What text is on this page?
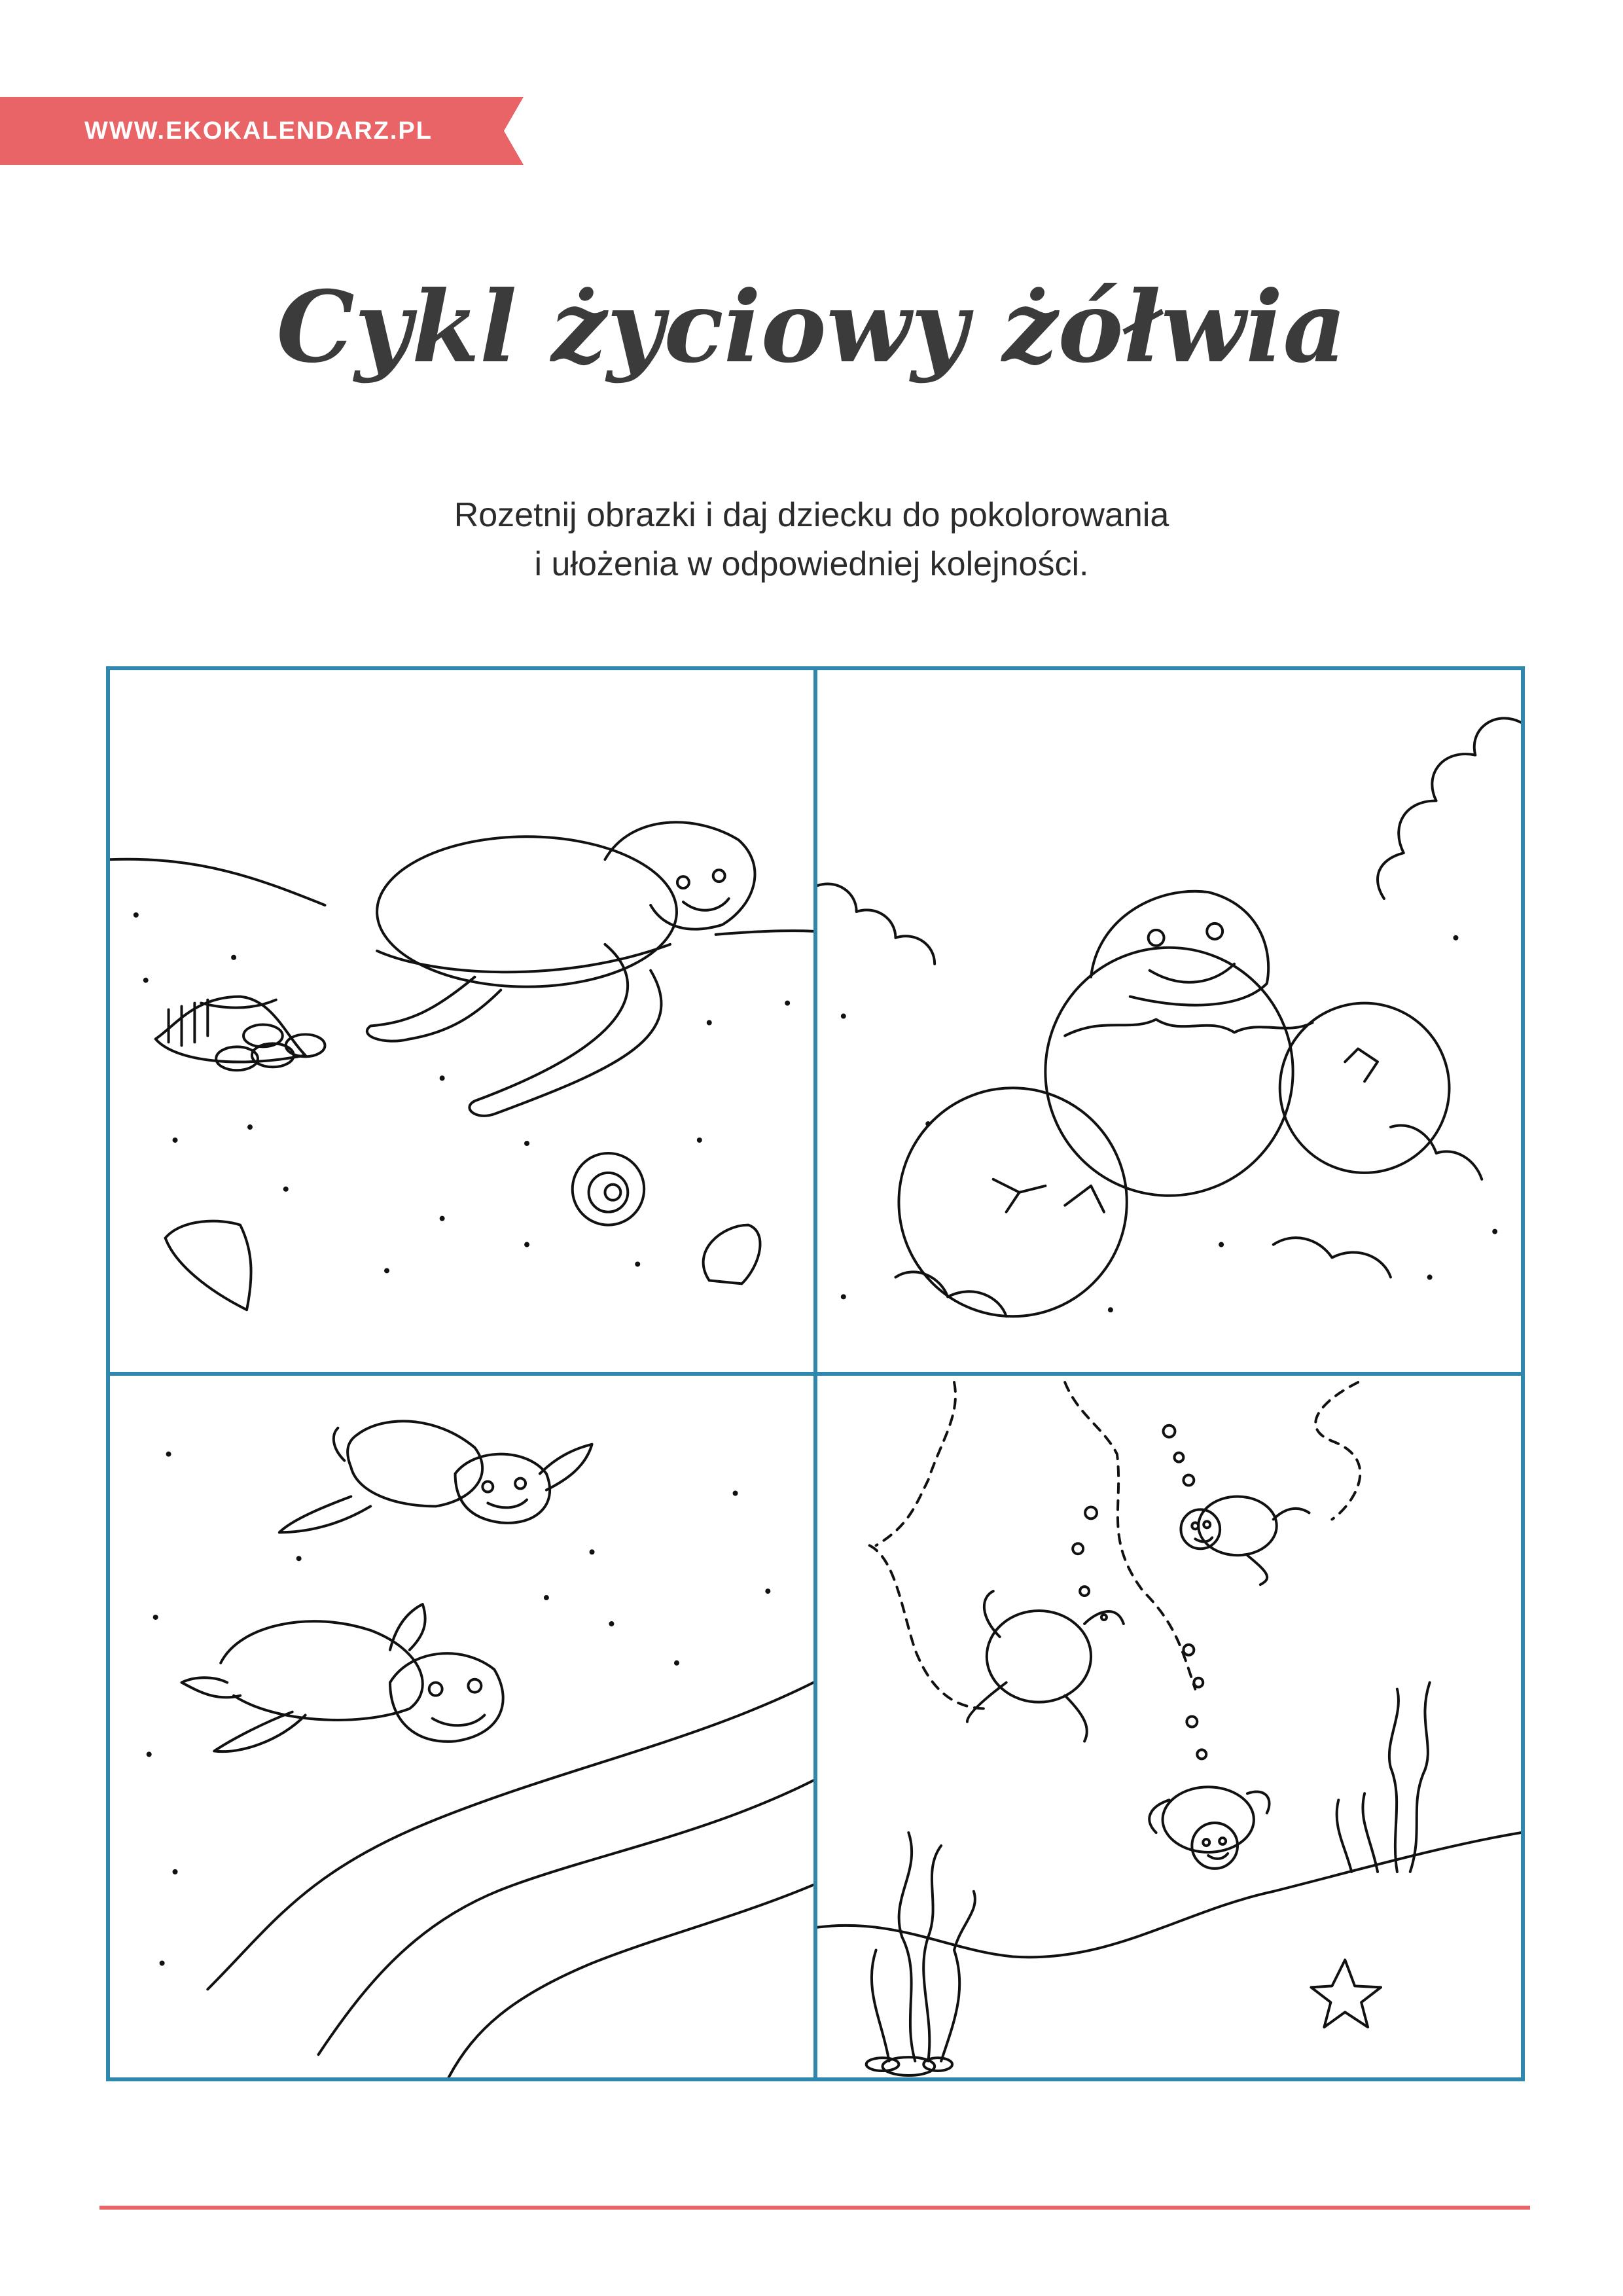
WWW.EKOKALENDARZ.PL
Cykl życiowy żółwia
Rozetnij obrazki i daj dziecku do pokolorowania
i ułożenia w odpowiedniej kolejności.
